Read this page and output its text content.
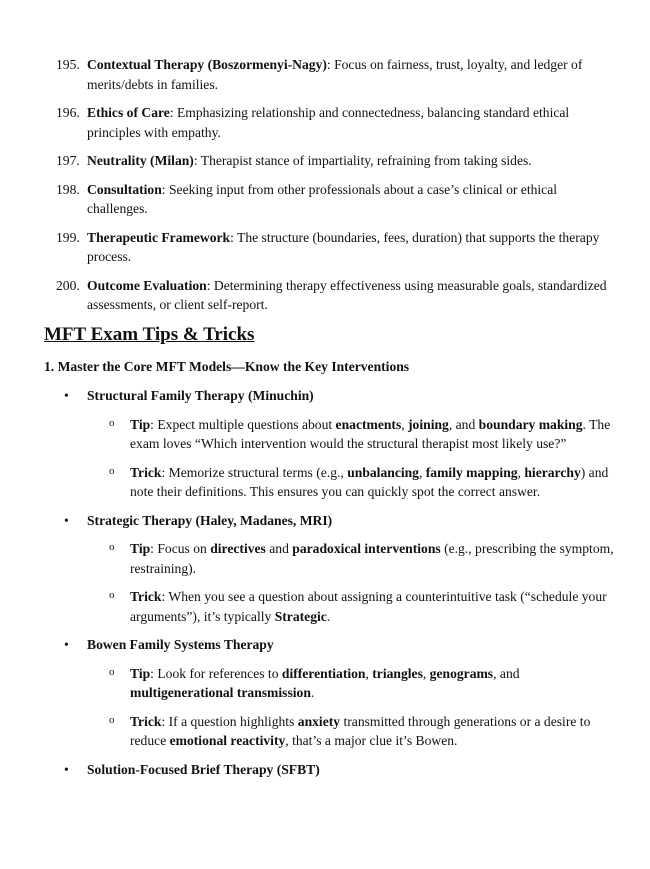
195. Contextual Therapy (Boszormenyi-Nagy): Focus on fairness, trust, loyalty, and ledger of merits/debts in families.
196. Ethics of Care: Emphasizing relationship and connectedness, balancing standard ethical principles with empathy.
197. Neutrality (Milan): Therapist stance of impartiality, refraining from taking sides.
198. Consultation: Seeking input from other professionals about a case’s clinical or ethical challenges.
199. Therapeutic Framework: The structure (boundaries, fees, duration) that supports the therapy process.
200. Outcome Evaluation: Determining therapy effectiveness using measurable goals, standardized assessments, or client self-report.
MFT Exam Tips & Tricks

1. Master the Core MFT Models—Know the Key Interventions

• Structural Family Therapy (Minuchin)
o Tip: Expect multiple questions about enactments, joining, and boundary making. The exam loves “Which intervention would the structural therapist most likely use?”
o Trick: Memorize structural terms (e.g., unbalancing, family mapping, hierarchy) and note their definitions. This ensures you can quickly spot the correct answer.
• Strategic Therapy (Haley, Madanes, MRI)
o Tip: Focus on directives and paradoxical interventions (e.g., prescribing the symptom, restraining).
o Trick: When you see a question about assigning a counterintuitive task (“schedule your arguments”), it’s typically Strategic.
• Bowen Family Systems Therapy
o Tip: Look for references to differentiation, triangles, genograms, and multigenerational transmission.
o Trick: If a question highlights anxiety transmitted through generations or a desire to reduce emotional reactivity, that’s a major clue it’s Bowen.
• Solution-Focused Brief Therapy (SFBT)
